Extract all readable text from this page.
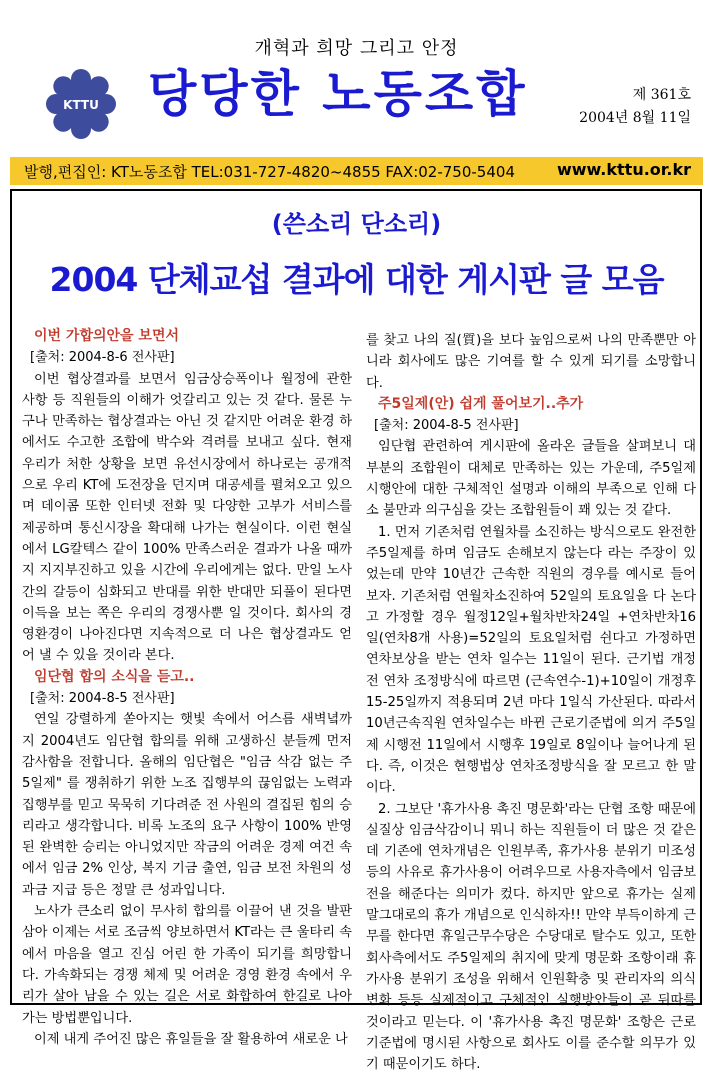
개혁과 희망 그리고 안정
KTTU 당당한 노동조합	제 361호
2004년 8월 11일
발행,편집인: KT노동조합 TEL:031-727-4820~4855 FAX:02-750-5404	www.kttu.or.kr
(쓴소리 단소리)
2004 단체교섭 결과에 대한 게시판 글 모음
이번 가합의안을 보면서
[출처: 2004-8-6 전사판]

이번 협상결과를 보면서 임금상승폭이나 월정에 관한 사항 등 직원들의 이해가 엇갈리고 있는 것 같다. 물론 누구나 만족하는 협상결과는 아닌 것 같지만 어려운 환경 하에서도 수고한 조합에 박수와 격려를 보내고 싶다. 현재 우리가 처한 상황을 보면 유선시장에서 하나로는 공개적으로 우리 KT에 도전장을 던지며 대공세를 펼쳐오고 있으며 데이콤 또한 인터넷 전화 및 다양한 고부가 서비스를 제공하며 통신시장을 확대해 나가는 현실이다. 이런 현실에서 LG칼텍스 같이 100% 만족스러운 결과가 나올 때까지 지지부진하고 있을 시간에 우리에게는 없다. 만일 노사간의 갈등이 심화되고 반대를 위한 반대만 되풀이 된다면 이득을 보는 쪽은 우리의 경쟁사뿐 일 것이다. 회사의 경영환경이 나아진다면 지속적으로 더 나은 협상결과도 얻어 낼 수 있을 것이라 본다.

임단협 합의 소식을 듣고..
[출처: 2004-8-5 전사판]

연일 강렬하게 쏟아지는 햇빛 속에서 어스름 새벽녘까지 2004년도 임단협 합의를 위해 고생하신 분들께 먼저 감사함을 전합니다. 올해의 임단협은 "임금 삭감 없는 주 5일제" 를 쟁취하기 위한 노조 집행부의 끊임없는 노력과 집행부를 믿고 묵묵히 기다려준 전 사원의 결집된 힘의 승리라고 생각합니다. 비록 노조의 요구 사항이 100% 반영된 완벽한 승리는 아니었지만 작금의 어려운 경제 여건 속에서 임금 2% 인상, 복지 기금 출연, 임금 보전 차원의 성과금 지급 등은 정말 큰 성과입니다.

노사가 큰소리 없이 무사히 합의를 이끌어 낸 것을 발판 삼아 이제는 서로 조금씩 양보하면서 KT라는 큰 울타리 속에서 마음을 열고 진심 어린 한 가족이 되기를 희망합니다. 가속화되는 경쟁 체제 및 어려운 경영 환경 속에서 우리가 살아 남을 수 있는 길은 서로 화합하여 한길로 나아가는 방법뿐입니다.

이제 내게 주어진 많은 휴일들을 잘 활용하여 새로운 나

를 찾고 나의 질(質)을 보다 높임으로써 나의 만족뿐만 아니라 회사에도 많은 기여를 할 수 있게 되기를 소망합니다.

주5일제(안) 쉽게 풀어보기..추가
[출처: 2004-8-5 전사판]

임단협 관련하여 게시판에 올라온 글들을 살펴보니 대부분의 조합원이 대체로 만족하는 있는 가운데, 주5일제 시행안에 대한 구체적인 설명과 이해의 부족으로 인해 다소 불만과 의구심을 갖는 조합원들이 꽤 있는 것 같다.

1. 먼저 기존처럼 연월차를 소진하는 방식으로도 완전한 주5일제를 하며 임금도 손해보지 않는다 라는 주장이 있었는데 만약 10년간 근속한 직원의 경우를 예시로 들어 보자. 기존처럼 연월차소진하여 52일의 토요일을 다 논다고 가정할 경우 월정12일+월차반차24일 +연차반차16일(연차8개 사용)=52일의 토요일처럼 쉰다고 가정하면 연차보상을 받는 연차 일수는 11일이 된다. 근기법 개정전 연차 조정방식에 따르면 (근속연수-1)+10일이 개정후 15-25일까지 적용되며 2년 마다 1일식 가산된다. 따라서 10년근속직원 연차일수는 바뀐 근로기준법에 의거 주5일제 시행전 11일에서 시행후 19일로 8일이나 늘어나게 된다. 즉, 이것은 현행법상 연차조정방식을 잘 모르고 한 말이다.

2. 그보단 '휴가사용 촉진 명문화'라는 단협 조항 때문에 실질상 임금삭감이니 뭐니 하는 직원들이 더 많은 것 같은데 기존에 연차개념은 인원부족, 휴가사용 분위기 미조성 등의 사유로 휴가사용이 어려우므로 사용자측에서 임금보전을 해준다는 의미가 컸다. 하지만 앞으로 휴가는 실제 말그대로의 휴가 개념으로 인식하자!! 만약 부득이하게 근무를 한다면 휴일근무수당은 수당대로 탈수도 있고, 또한 회사측에서도 주5일제의 취지에 맞게 명문화 조항이래 휴가사용 분위기 조성을 위해서 인원확충 및 관리자의 의식 변화 등등 실제적이고 구체적인 실행방안들이 곧 뒤따를 것이라고 믿는다. 이 '휴가사용 촉진 명문화' 조항은 근로기준법에 명시된 사항으로 회사도 이를 준수할 의무가 있기 때문이기도 하다.
